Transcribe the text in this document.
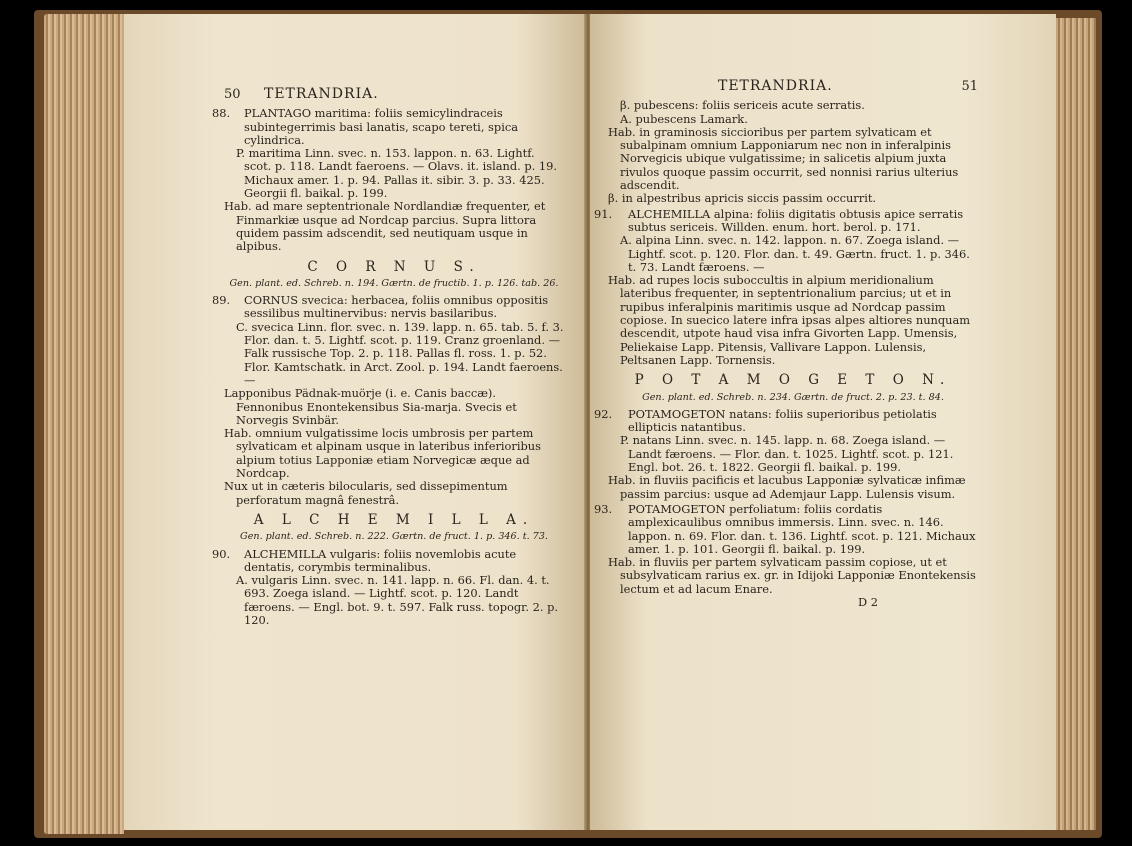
50	TETRANDRIA.
88. PLANTAGO maritima: foliis semicylindraceis subintegerrimis basi lanatis, scapo tereti, spica cylindrica.
P. maritima Linn. svec. n. 153. lappon. n. 63. Lightf. scot. p. 118. Landt faeroens. — Olavs. it. island. p. 19. Michaux amer. 1. p. 94. Pallas it. sibir. 3. p. 33. 425. Georgii fl. baikal. p. 199.
Hab. ad mare septentrionale Nordlandiæ frequenter, et Finmarkiæ usque ad Nordcap parcius. Supra littora quidem passim adscendit, sed neutiquam usque in alpibus.
C O R N U S.
Gen. plant. ed. Schreb. n. 194. Gærtn. de fructib. 1. p. 126. tab. 26.
89. CORNUS svecica: herbacea, foliis omnibus oppositis sessilibus multinervibus: nervis basilaribus.
C. svecica Linn. flor. svec. n. 139. lapp. n. 65. tab. 5. f. 3. Flor. dan. t. 5. Lightf. scot. p. 119. Cranz groenland. — Falk russische Top. 2. p. 118. Pallas fl. ross. 1. p. 52. Flor. Kamtschatk. in Arct. Zool. p. 194. Landt faeroens. —
Lapponibus Pädnak-muörje (i. e. Canis baccæ). Fennonibus Enontekensibus Sia-marja. Svecis et Norvegis Svinbär.
Hab. omnium vulgatissime locis umbrosis per partem sylvaticam et alpinam usque in lateribus inferioribus alpium totius Lapponiæ etiam Norvegicæ æque ad Nordcap.
Nux ut in cæteris bilocularis, sed dissepimentum perforatum magnâ fenestrâ.
A L C H E M I L L A.
Gen. plant. ed. Schreb. n. 222. Gærtn. de fruct. 1. p. 346. t. 73.
90. ALCHEMILLA vulgaris: foliis novemlobis acute dentatis, corymbis terminalibus.
A. vulgaris Linn. svec. n. 141. lapp. n. 66. Fl. dan. 4. t. 693. Zoega island. — Lightf. scot. p. 120. Landt færoens. — Engl. bot. 9. t. 597. Falk russ. topogr. 2. p. 120.
TETRANDRIA.	51
β. pubescens: foliis sericeis acute serratis.
A. pubescens Lamark.
Hab. in graminosis siccioribus per partem sylvaticam et subalpinam omnium Lapponiarum nec non in inferalpinis Norvegicis ubique vulgatissime; in salicetis alpium juxta rivulos quoque passim occurrit, sed nonnisi rarius ulterius adscendit.
β. in alpestribus apricis siccis passim occurrit.
91. ALCHEMILLA alpina: foliis digitatis obtusis apice serratis subtus sericeis. Willden. enum. hort. berol. p. 171.
A. alpina Linn. svec. n. 142. lappon. n. 67. Zoega island. — Lightf. scot. p. 120. Flor. dan. t. 49. Gærtn. fruct. 1. p. 346. t. 73. Landt færoens. —
Hab. ad rupes locis suboccultis in alpium meridionalium lateribus frequenter, in septentrionalium parcius; ut et in rupibus inferalpinis maritimis usque ad Nordcap passim copiose. In suecico latere infra ipsas alpes altiores nunquam descendit, utpote haud visa infra Givorten Lapp. Umensis, Peliekaise Lapp. Pitensis, Vallivare Lappon. Lulensis, Peltsanen Lapp. Tornensis.
P O T A M O G E T O N.
Gen. plant. ed. Schreb. n. 234. Gærtn. de fruct. 2. p. 23. t. 84.
92. POTAMOGETON natans: foliis superioribus petiolatis ellipticis natantibus.
P. natans Linn. svec. n. 145. lapp. n. 68. Zoega island. — Landt færoens. — Flor. dan. t. 1025. Lightf. scot. p. 121. Engl. bot. 26. t. 1822. Georgii fl. baikal. p. 199.
Hab. in fluviis pacificis et lacubus Lapponiæ sylvaticæ infimæ passim parcius: usque ad Ademjaur Lapp. Lulensis visum.
93. POTAMOGETON perfoliatum: foliis cordatis amplexicaulibus omnibus immersis. Linn. svec. n. 146. lappon. n. 69. Flor. dan. t. 136. Lightf. scot. p. 121. Michaux amer. 1. p. 101. Georgii fl. baikal. p. 199.
Hab. in fluviis per partem sylvaticam passim copiose, ut et subsylvaticam rarius ex. gr. in Idijoki Lapponiæ Enontekensis lectum et ad lacum Enare.
D 2
